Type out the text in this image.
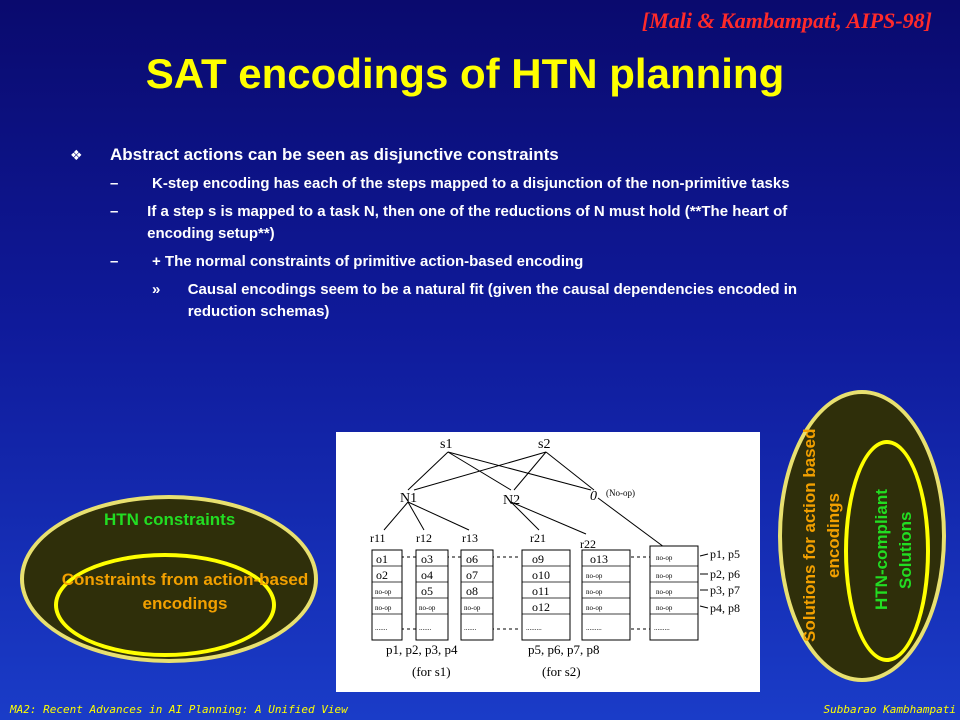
[Mali & Kambampati, AIPS-98]
SAT encodings of HTN planning
❖	Abstract actions can be seen as disjunctive constraints
–	K-step encoding has each of the steps mapped to a disjunction of the non-primitive tasks
–	If a step s is mapped to a task N, then one of the reductions of N must hold (**The heart of encoding setup**)
–	+ The normal constraints of primitive action-based encoding
»	Causal encodings seem to be a natural fit (given the causal dependencies encoded in reduction schemas)
HTN constraints
Constraints from action-based encodings
s1	s2
N1	N2	0 (No-op)
r11	r12	r13	r21	r22
o1
o2
no-op
no-op
.......
o3
o4
o5
no-op
.......
o6
o7
o8
no-op
.......
o9
o10
o11
o12
.........
o13
no-op
no-op
no-op
.........
no-op
no-op
no-op
no-op
.........
p1, p5
p2, p6
p3, p7
p4, p8
p1, p2, p3, p4
(for s1)
p5, p6, p7, p8
(for s2)
Solutions for action based encodings HTN-compliant Solutions
MA2: Recent Advances in AI Planning: A Unified View	Subbarao Kambhampati
